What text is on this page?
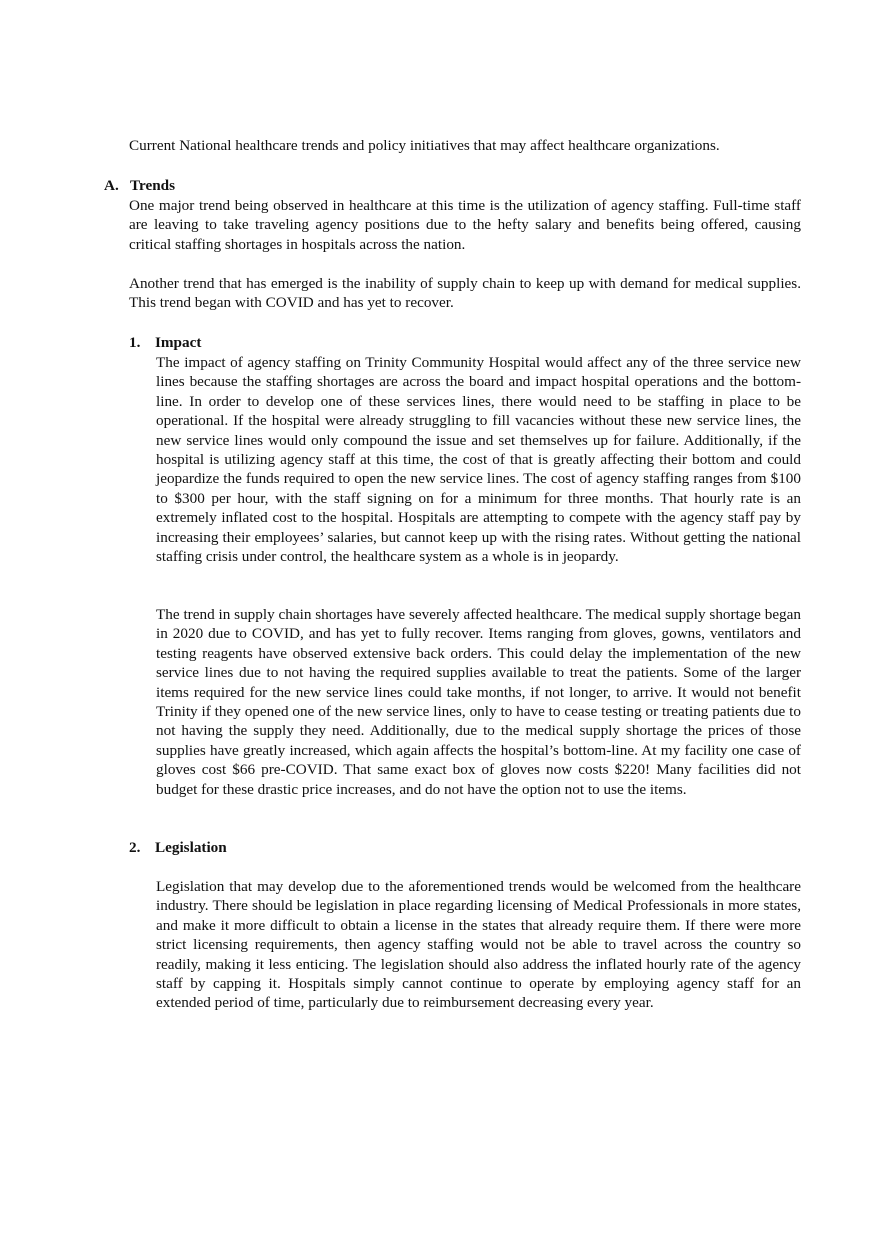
Current National healthcare trends and policy initiatives that may affect healthcare organizations.

A. Trends

One major trend being observed in healthcare at this time is the utilization of agency staffing. Full-time staff are leaving to take traveling agency positions due to the hefty salary and benefits being offered, causing critical staffing shortages in hospitals across the nation.

Another trend that has emerged is the inability of supply chain to keep up with demand for medical supplies. This trend began with COVID and has yet to recover.

1. Impact

The impact of agency staffing on Trinity Community Hospital would affect any of the three service new lines because the staffing shortages are across the board and impact hospital operations and the bottom-line. In order to develop one of these services lines, there would need to be staffing in place to be operational. If the hospital were already struggling to fill vacancies without these new service lines, the new service lines would only compound the issue and set themselves up for failure. Additionally, if the hospital is utilizing agency staff at this time, the cost of that is greatly affecting their bottom and could jeopardize the funds required to open the new service lines. The cost of agency staffing ranges from $100 to $300 per hour, with the staff signing on for a minimum for three months. That hourly rate is an extremely inflated cost to the hospital. Hospitals are attempting to compete with the agency staff pay by increasing their employees’ salaries, but cannot keep up with the rising rates. Without getting the national staffing crisis under control, the healthcare system as a whole is in jeopardy.

The trend in supply chain shortages have severely affected healthcare. The medical supply shortage began in 2020 due to COVID, and has yet to fully recover. Items ranging from gloves, gowns, ventilators and testing reagents have observed extensive back orders. This could delay the implementation of the new service lines due to not having the required supplies available to treat the patients. Some of the larger items required for the new service lines could take months, if not longer, to arrive. It would not benefit Trinity if they opened one of the new service lines, only to have to cease testing or treating patients due to not having the supply they need. Additionally, due to the medical supply shortage the prices of those supplies have greatly increased, which again affects the hospital’s bottom-line. At my facility one case of gloves cost $66 pre-COVID. That same exact box of gloves now costs $220! Many facilities did not budget for these drastic price increases, and do not have the option not to use the items.

2. Legislation

Legislation that may develop due to the aforementioned trends would be welcomed from the healthcare industry. There should be legislation in place regarding licensing of Medical Professionals in more states, and make it more difficult to obtain a license in the states that already require them. If there were more strict licensing requirements, then agency staffing would not be able to travel across the country so readily, making it less enticing. The legislation should also address the inflated hourly rate of the agency staff by capping it. Hospitals simply cannot continue to operate by employing agency staff for an extended period of time, particularly due to reimbursement decreasing every year.
